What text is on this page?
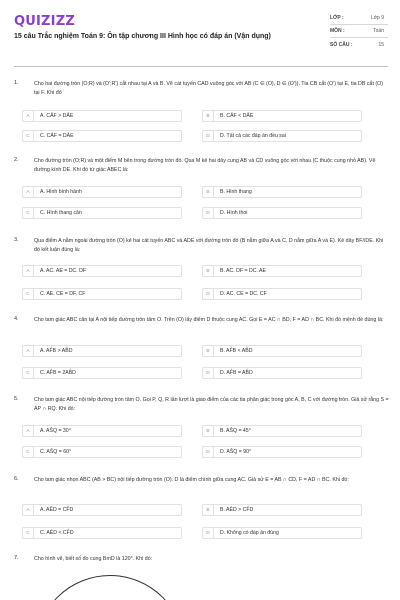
QUIZIZZ
15 câu Trắc nghiệm Toán 9: Ôn tập chương III Hình học có đáp án (Vận dụng)
LỚP :	Lớp 9
MÔN :	Toán
SỐ CÂU :	15
1.	Cho hai đường tròn (O;R) và (O';R') cắt nhau tại A và B. Vẽ cát tuyến CAD vuông góc với AB (C ∈ (O), D ∈ (O')). Tia CB cắt (O') tại E, tia DB cắt (O) tại F. Khi đó
A	A. CÂF > DÂE	B	B. CÂF < DÂE
C	C. CÂF = DÂE	D	D. Tất cả các đáp án đều sai
2.	Cho đường tròn (O;R) và một điểm M bên trong đường tròn đó. Qua M kẻ hai dây cung AB và CD vuông góc với nhau (C thuộc cung nhỏ AB). Vẽ đường kính DE. Khi đó tứ giác ABEC là:
A	A. Hình bình hành	B	B. Hình thang
C	C. Hình thang cân	D	D. Hình thoi
3.	Qua điểm A nằm ngoài đường tròn (O) kẻ hai cát tuyến ABC và ADE với đường tròn đó (B nằm giữa A và C, D nằm giữa A và E). Kẻ dây BF//DE. Khi đó kết luận đúng là:
A	A. AC. AE = DC. DF	B	B. AC. DF = DC. AE
C	C. AE. CE = DF. CF	D	D. AC. CE = DC. CF
4.	Cho tam giác ABC cân tại A nội tiếp đường tròn tâm O. Trên (O) lấy điểm D thuộc cung AC. Gọi E = AC ∩ BD, F = AD ∩ BC. Khi đó mệnh đề đúng là:
A	A. AF̂B > AB̂D	B	B. AF̂B < AB̂D
C	C. AF̂B = 2AB̂D	D	D. AF̂B = AB̂D
5.	Cho tam giác ABC nội tiếp đường tròn tâm O. Gọi P, Q, R lần lượt là giao điểm của các tia phân giác trong góc A, B, C với đường tròn. Giả sử rằng S = AP ∩ RQ. Khi đó:
A	A. AŜQ = 30°	B	B. AŜQ = 45°
C	C. AŜQ = 60°	D	D. AŜQ = 90°
6.	Cho tam giác nhọn ABC (AB > BC) nội tiếp đường tròn (O). D là điểm chính giữa cung AC. Giả sử E = AB ∩ CD, F = AD ∩ BC. Khi đó:
A	A. AÊD = CF̂D	B	B. AÊD > CF̂D
C	C. AÊD < CF̂D	D	D. Không có đáp án đúng
7.	Cho hình vẽ, biết số đo cung BmD là 120°. Khi đó:
